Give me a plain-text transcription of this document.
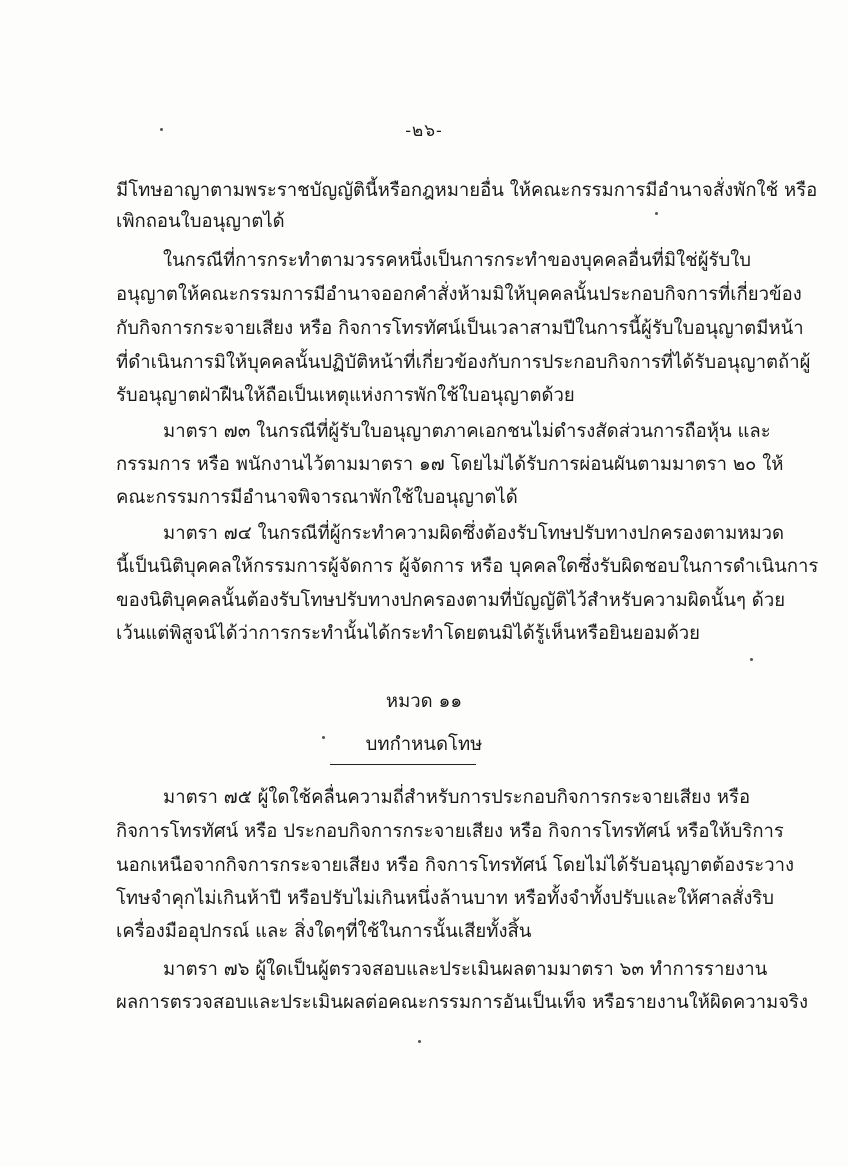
-๒๖-
มีโทษอาญาตามพระราชบัญญัตินี้หรือกฎหมายอื่น ให้คณะกรรมการมีอำนาจสั่งพักใช้ หรือ
เพิกถอนใบอนุญาตได้
ในกรณีที่การกระทำตามวรรคหนึ่งเป็นการกระทำของบุคคลอื่นที่มิใช่ผู้รับใบ
อนุญาตให้คณะกรรมการมีอำนาจออกคำสั่งห้ามมิให้บุคคลนั้นประกอบกิจการที่เกี่ยวข้อง
กับกิจการกระจายเสียง หรือ กิจการโทรทัศน์เป็นเวลาสามปีในการนี้ผู้รับใบอนุญาตมีหน้า
ที่ดำเนินการมิให้บุคคลนั้นปฏิบัติหน้าที่เกี่ยวข้องกับการประกอบกิจการที่ได้รับอนุญาตถ้าผู้
รับอนุญาตฝ่าฝืนให้ถือเป็นเหตุแห่งการพักใช้ใบอนุญาตด้วย
มาตรา ๗๓ ในกรณีที่ผู้รับใบอนุญาตภาคเอกชนไม่ดำรงสัดส่วนการถือหุ้น และ
กรรมการ หรือ พนักงานไว้ตามมาตรา ๑๗ โดยไม่ได้รับการผ่อนผันตามมาตรา ๒๐ ให้
คณะกรรมการมีอำนาจพิจารณาพักใช้ใบอนุญาตได้
มาตรา ๗๔ ในกรณีที่ผู้กระทำความผิดซึ่งต้องรับโทษปรับทางปกครองตามหมวด
นี้เป็นนิติบุคคลให้กรรมการผู้จัดการ ผู้จัดการ หรือ บุคคลใดซึ่งรับผิดชอบในการดำเนินการ
ของนิติบุคคลนั้นต้องรับโทษปรับทางปกครองตามที่บัญญัติไว้สำหรับความผิดนั้นๆ ด้วย
เว้นแต่พิสูจน์ได้ว่าการกระทำนั้นได้กระทำโดยตนมิได้รู้เห็นหรือยินยอมด้วย
หมวด ๑๑
บทกำหนดโทษ
มาตรา ๗๕ ผู้ใดใช้คลื่นความถี่สำหรับการประกอบกิจการกระจายเสียง หรือ
กิจการโทรทัศน์ หรือ ประกอบกิจการกระจายเสียง หรือ กิจการโทรทัศน์ หรือให้บริการ
นอกเหนือจากกิจการกระจายเสียง หรือ กิจการโทรทัศน์ โดยไม่ได้รับอนุญาตต้องระวาง
โทษจำคุกไม่เกินห้าปี หรือปรับไม่เกินหนึ่งล้านบาท หรือทั้งจำทั้งปรับและให้ศาลสั่งริบ
เครื่องมืออุปกรณ์ และ สิ่งใดๆที่ใช้ในการนั้นเสียทั้งสิ้น
มาตรา ๗๖ ผู้ใดเป็นผู้ตรวจสอบและประเมินผลตามมาตรา ๖๓ ทำการรายงาน
ผลการตรวจสอบและประเมินผลต่อคณะกรรมการอันเป็นเท็จ หรือรายงานให้ผิดความจริง
